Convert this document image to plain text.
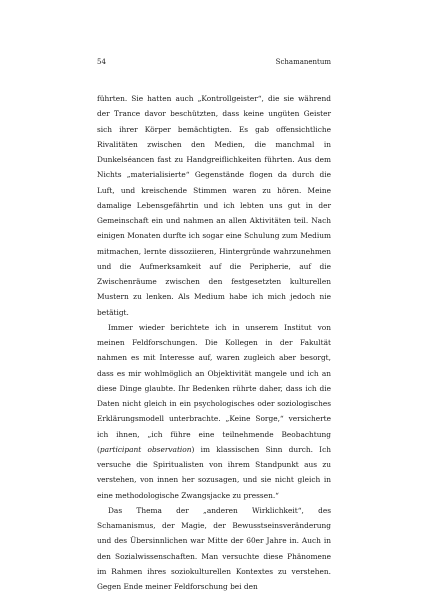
54	Schamanentum

führten. Sie hatten auch „Kontrollgeister“, die sie während der Trance davor beschützten, dass keine ungüten Geister sich ihrer Körper bemächtigten. Es gab offensichtliche Rivalitäten zwischen den Medien, die manchmal in Dunkelséancen fast zu Handgreiflichkeiten führten. Aus dem Nichts „materialisierte“ Gegenstände flogen da durch die Luft, und kreischende Stimmen waren zu hören. Meine damalige Lebensgefährtin und ich lebten uns gut in der Gemeinschaft ein und nahmen an allen Aktivitäten teil. Nach einigen Monaten durfte ich sogar eine Schulung zum Medium mitmachen, lernte dissoziieren, Hintergründe wahrzunehmen und die Aufmerksamkeit auf die Peripherie, auf die Zwischenräume zwischen den festgesetzten kulturellen Mustern zu lenken. Als Medium habe ich mich jedoch nie betätigt.

Immer wieder berichtete ich in unserem Institut von meinen Feldforschungen. Die Kollegen in der Fakultät nahmen es mit Interesse auf, waren zugleich aber besorgt, dass es mir wohlmöglich an Objektivität mangele und ich an diese Dinge glaubte. Ihr Bedenken rührte daher, dass ich die Daten nicht gleich in ein psychologisches oder soziologisches Erklärungsmodell unterbrachte. „Keine Sorge,“ versicherte ich ihnen, „ich führe eine teilnehmende Beobachtung (participant observation) im klassischen Sinn durch. Ich versuche die Spiritualisten von ihrem Standpunkt aus zu verstehen, von innen her sozusagen, und sie nicht gleich in eine methodologische Zwangsjacke zu pressen.“

Das Thema der „anderen Wirklichkeit“, des Schamanismus, der Magie, der Bewusstseinsveränderung und des Übersinnlichen war Mitte der 60er Jahre in. Auch in den Sozialwissenschaften. Man versuchte diese Phänomene im Rahmen ihres soziokulturellen Kontextes zu verstehen. Gegen Ende meiner Feldforschung bei den
